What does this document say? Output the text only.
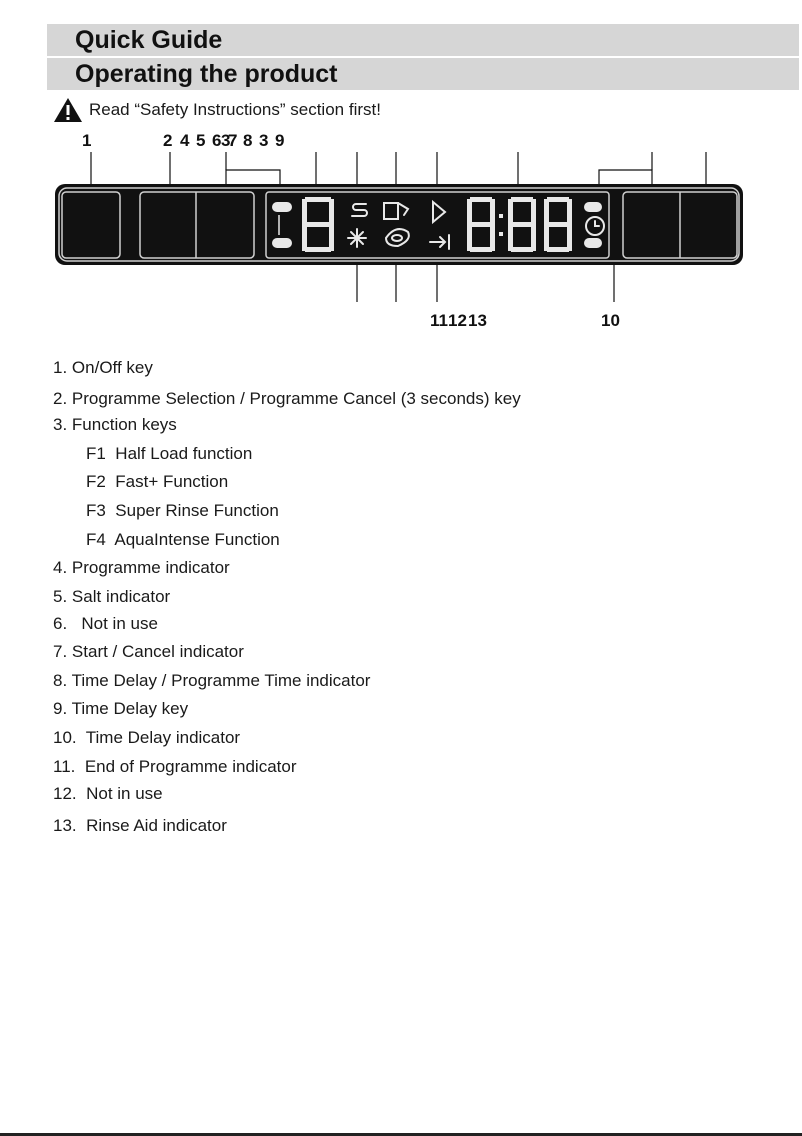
Quick Guide
Operating the product
Read “Safety Instructions” section first!
1	2 4 5 6 3
7 8 3 9
11 12 13	10
1. On/Off key
2. Programme Selection / Programme Cancel (3 seconds) key
3. Function keys
F1 Half Load function
F2 Fast+ Function
F3 Super Rinse Function
F4 AquaIntense Function
4. Programme indicator
5. Salt indicator
6. Not in use
7. Start / Cancel indicator
8. Time Delay / Programme Time indicator
9. Time Delay key
10. Time Delay indicator
11. End of Programme indicator
12. Not in use
13. Rinse Aid indicator
